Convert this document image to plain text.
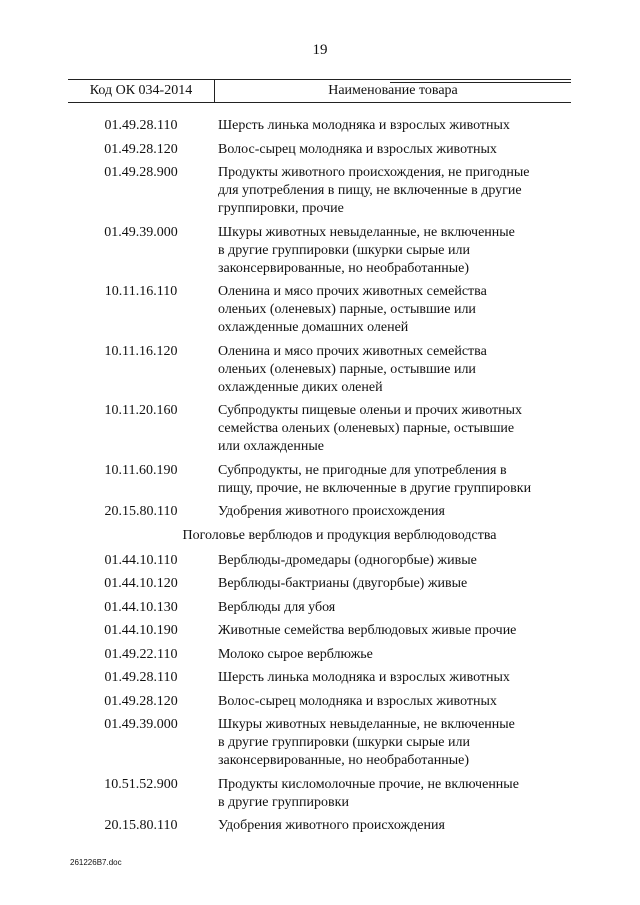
19
Код ОК 034-2014	Наименование товара
01.49.28.110	Шерсть линька молодняка и взрослых животных
01.49.28.120	Волос-сырец молодняка и взрослых животных
01.49.28.900	Продукты животного происхождения, не пригодные
для употребления в пищу, не включенные в другие
группировки, прочие
01.49.39.000	Шкуры животных невыделанные, не включенные
в другие группировки (шкурки сырые или
законсервированные, но необработанные)
10.11.16.110	Оленина и мясо прочих животных семейства
оленьих (оленевых) парные, остывшие или
охлажденные домашних оленей
10.11.16.120	Оленина и мясо прочих животных семейства
оленьих (оленевых) парные, остывшие или
охлажденные диких оленей
10.11.20.160	Субпродукты пищевые оленьи и прочих животных
семейства оленьих (оленевых) парные, остывшие
или охлажденные
10.11.60.190	Субпродукты, не пригодные для употребления в
пищу, прочие, не включенные в другие группировки
20.15.80.110	Удобрения животного происхождения
Поголовье верблюдов и продукция верблюдоводства
01.44.10.110	Верблюды-дромедары (одногорбые) живые
01.44.10.120	Верблюды-бактрианы (двугорбые) живые
01.44.10.130	Верблюды для убоя
01.44.10.190	Животные семейства верблюдовых живые прочие
01.49.22.110	Молоко сырое верблюжье
01.49.28.110	Шерсть линька молодняка и взрослых животных
01.49.28.120	Волос-сырец молодняка и взрослых животных
01.49.39.000	Шкуры животных невыделанные, не включенные
в другие группировки (шкурки сырые или
законсервированные, но необработанные)
10.51.52.900	Продукты кисломолочные прочие, не включенные
в другие группировки
20.15.80.110	Удобрения животного происхождения
261226B7.doc
